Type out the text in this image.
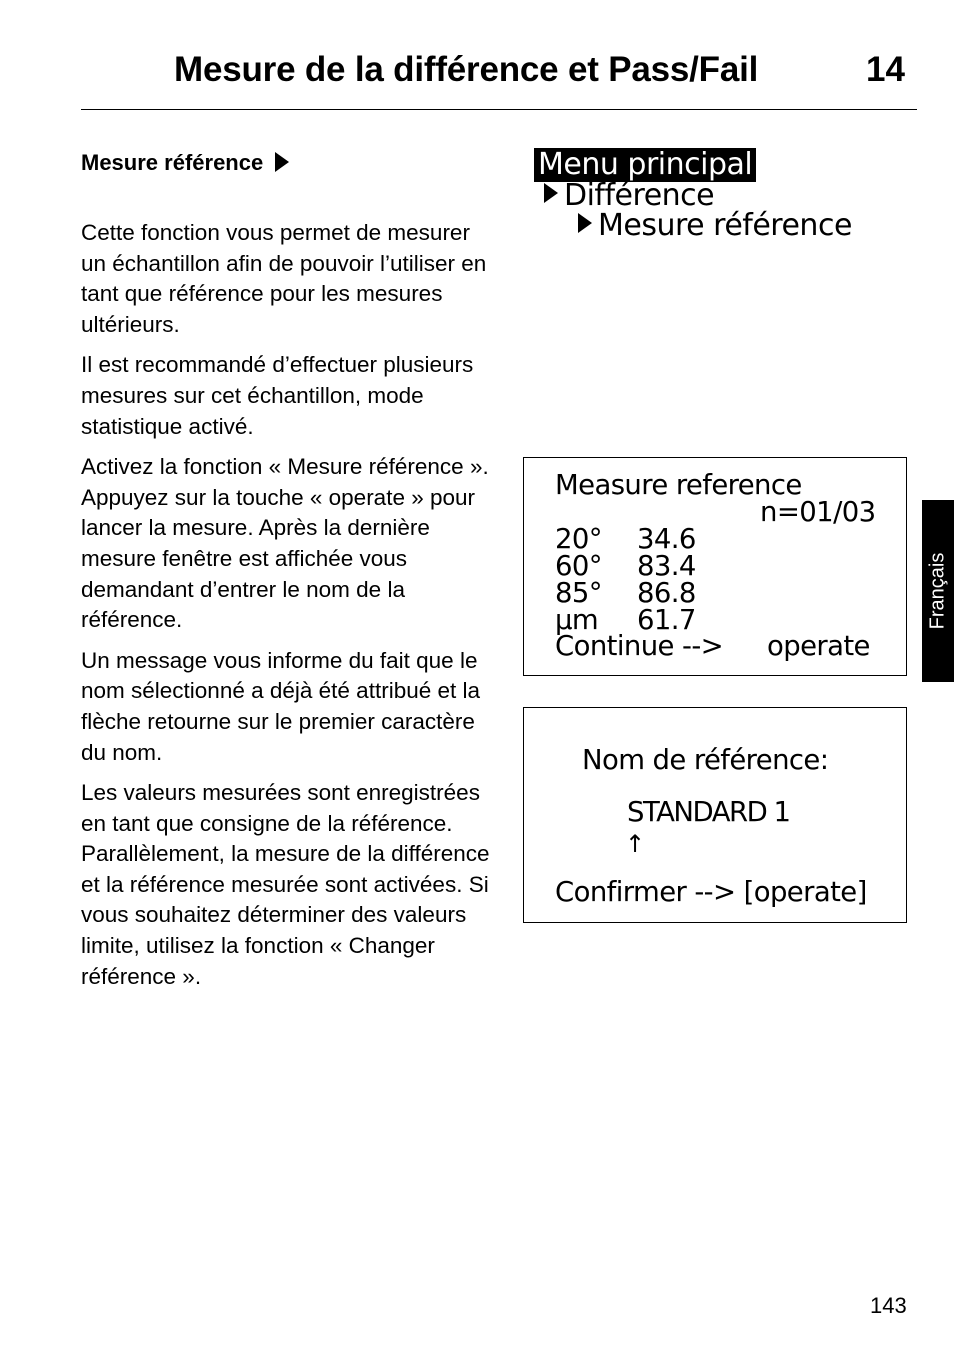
Mesure de la différence et Pass/Fail	14
Mesure référence

Cette fonction vous permet de mesurer un échantillon afin de pouvoir l’utiliser en tant que référence pour les mesures ultérieurs.

Il est recommandé d’effectuer plusieurs mesures sur cet échantillon, mode statistique activé.

Activez la fonction « Mesure référence ». Appuyez sur la touche « operate » pour lancer la mesure. Après la dernière mesure fenêtre est affichée vous demandant d’entrer le nom de la référence.

Un message vous informe du fait que le nom sélectionné a déjà été attribué et la flèche retourne sur le premier caractère du nom.

Les valeurs mesurées sont enregistrées en tant que consigne de la référence. Parallèlement, la mesure de la différence et la référence mesurée sont activées. Si vous souhaitez déterminer des valeurs limite, utilisez la fonction « Changer référence ».

Menu principal
Différence
Mesure référence
Measure reference
n=01/03
20° 34.6
60° 83.4
85° 86.8
µm 61.7
Continue --> operate
Nom de référence:
STANDARD 1
↑
Confirmer --> [operate]
Français
143
